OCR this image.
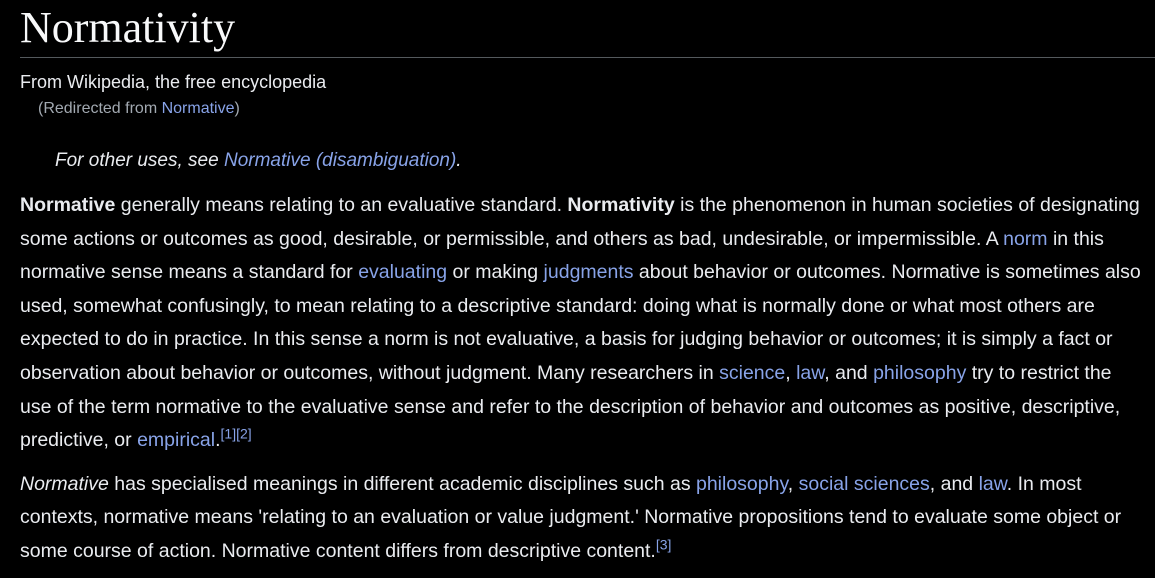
Normativity
From Wikipedia, the free encyclopedia
(Redirected from Normative)
For other uses, see Normative (disambiguation).

Normative generally means relating to an evaluative standard. Normativity is the phenomenon in human societies of designating some actions or outcomes as good, desirable, or permissible, and others as bad, undesirable, or impermissible. A norm in this normative sense means a standard for evaluating or making judgments about behavior or outcomes. Normative is sometimes also used, somewhat confusingly, to mean relating to a descriptive standard: doing what is normally done or what most others are expected to do in practice. In this sense a norm is not evaluative, a basis for judging behavior or outcomes; it is simply a fact or observation about behavior or outcomes, without judgment. Many researchers in science, law, and philosophy try to restrict the use of the term normative to the evaluative sense and refer to the description of behavior and outcomes as positive, descriptive, predictive, or empirical.[1][2]

Normative has specialised meanings in different academic disciplines such as philosophy, social sciences, and law. In most contexts, normative means 'relating to an evaluation or value judgment.' Normative propositions tend to evaluate some object or some course of action. Normative content differs from descriptive content.[3]
